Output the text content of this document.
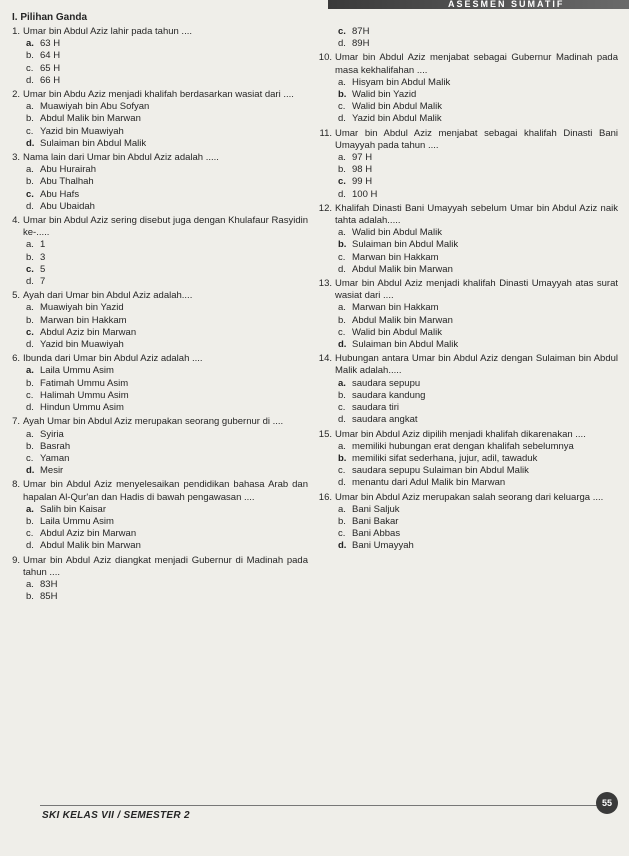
ASESMEN SUMATIF
I. Pilihan Ganda
1. Umar bin Abdul Aziz lahir pada tahun ....
a. 63 H
b. 64 H
c. 65 H
d. 66 H
2. Umar bin Abdu Aziz menjadi khalifah berdasarkan wasiat dari ....
a. Muawiyah bin Abu Sofyan
b. Abdul Malik bin Marwan
c. Yazid bin Muawiyah
d. Sulaiman bin Abdul Malik
3. Nama lain dari Umar bin Abdul Aziz adalah .....
a. Abu Hurairah
b. Abu Thalhah
c. Abu Hafs
d. Abu Ubaidah
4. Umar bin Abdul Aziz sering disebut juga dengan Khulafaur Rasyidin ke-.....
a. 1
b. 3
c. 5
d. 7
5. Ayah dari Umar bin Abdul Aziz adalah....
a. Muawiyah bin Yazid
b. Marwan bin Hakkam
c. Abdul Aziz bin Marwan
d. Yazid bin Muawiyah
6. Ibunda dari Umar bin Abdul Aziz adalah ....
a. Laila Ummu Asim
b. Fatimah Ummu Asim
c. Halimah Ummu Asim
d. Hindun Ummu Asim
7. Ayah Umar bin Abdul Aziz merupakan seorang gubernur di ....
a. Syiria
b. Basrah
c. Yaman
d. Mesir
8. Umar bin Abdul Aziz menyelesaikan pendidikan bahasa Arab dan hapalan Al-Qur'an dan Hadis di bawah pengawasan ....
a. Salih bin Kaisar
b. Laila Ummu Asim
c. Abdul Aziz bin Marwan
d. Abdul Malik bin Marwan
9. Umar bin Abdul Aziz diangkat menjadi Gubernur di Madinah pada tahun ....
a. 83H
b. 85H
c. 87H
d. 89H
10. Umar bin Abdul Aziz menjabat sebagai Gubernur Madinah pada masa kekhalifahan ....
a. Hisyam bin Abdul Malik
b. Walid bin Yazid
c. Walid bin Abdul Malik
d. Yazid bin Abdul Malik
11. Umar bin Abdul Aziz menjabat sebagai khalifah Dinasti Bani Umayyah pada tahun ....
a. 97 H
b. 98 H
c. 99 H
d. 100 H
12. Khalifah Dinasti Bani Umayyah sebelum Umar bin Abdul Aziz naik tahta adalah.....
a. Walid bin Abdul Malik
b. Sulaiman bin Abdul Malik
c. Marwan bin Hakkam
d. Abdul Malik bin Marwan
13. Umar bin Abdul Aziz menjadi khalifah Dinasti Umayyah atas surat wasiat dari ....
a. Marwan bin Hakkam
b. Abdul Malik bin Marwan
c. Walid bin Abdul Malik
d. Sulaiman bin Abdul Malik
14. Hubungan antara Umar bin Abdul Aziz dengan Sulaiman bin Abdul Malik adalah.....
a. saudara sepupu
b. saudara kandung
c. saudara tiri
d. saudara angkat
15. Umar bin Abdul Aziz dipilih menjadi khalifah dikarenakan ....
a. memiliki hubungan erat dengan khalifah sebelumnya
b. memiliki sifat sederhana, jujur, adil, tawaduk
c. saudara sepupu Sulaiman bin Abdul Malik
d. menantu dari Adul Malik bin Marwan
16. Umar bin Abdul Aziz merupakan salah seorang dari keluarga ....
a. Bani Saljuk
b. Bani Bakar
c. Bani Abbas
d. Bani Umayyah
SKI KELAS VII / SEMESTER 2
55
